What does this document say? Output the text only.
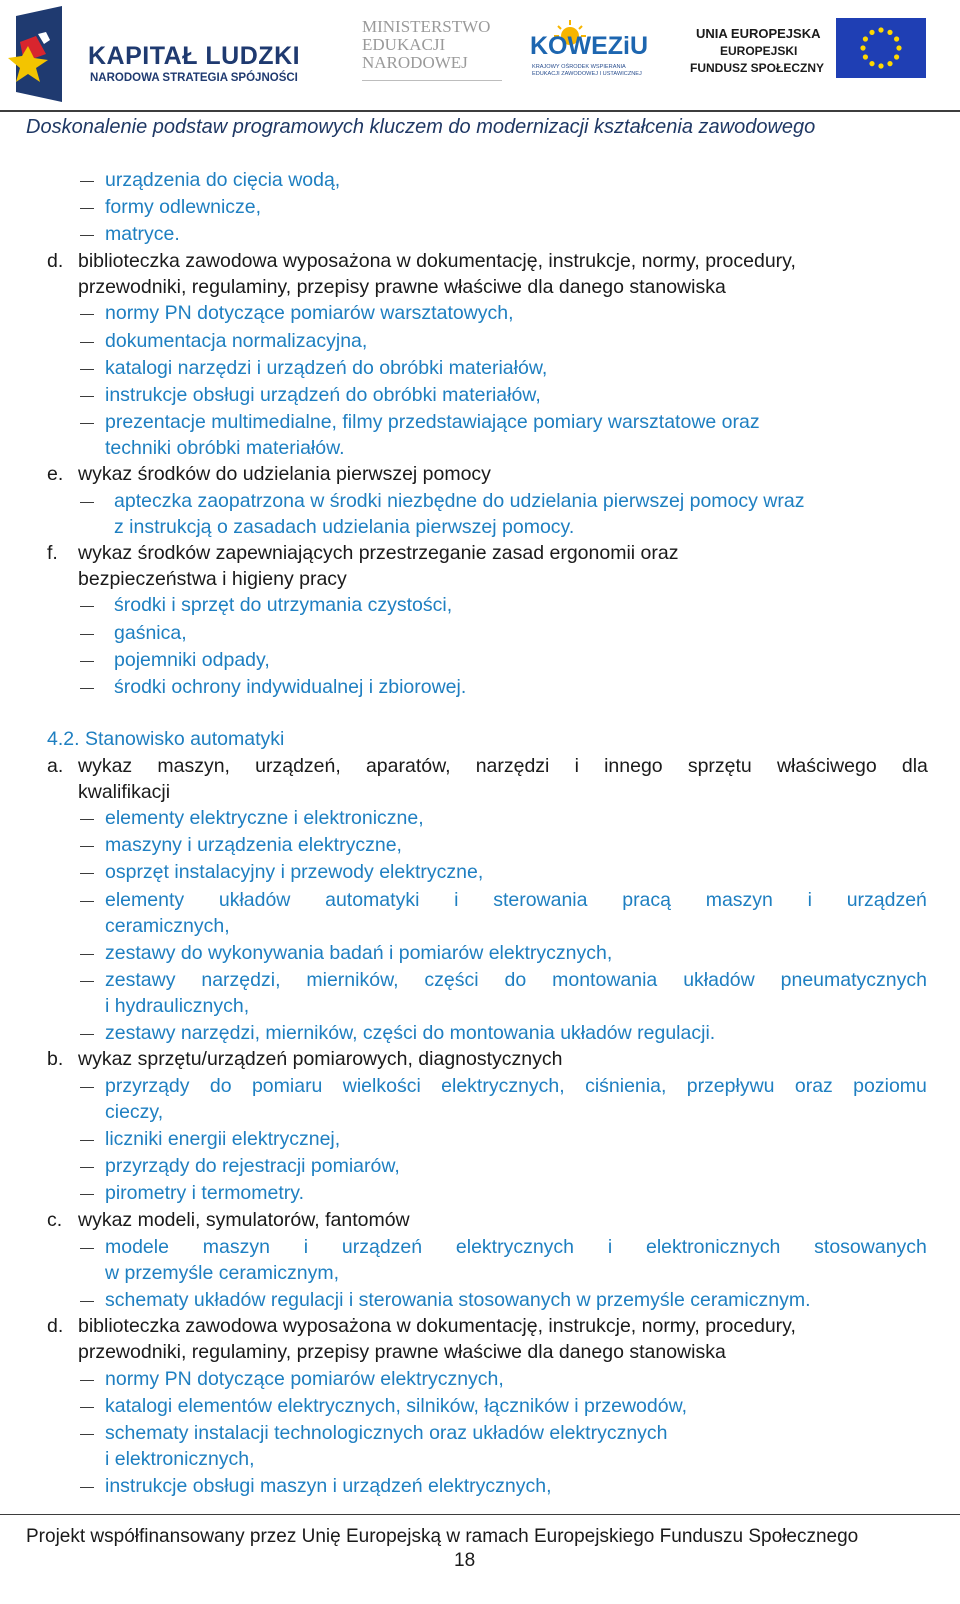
KAPITAŁ LUDZKI
NARODOWA STRATEGIA SPÓJNOŚCI
MINISTERSTWO
EDUKACJI
NARODOWEJ
KOWEZiU
KRAJOWY OŚRODEK WSPIERANIA
EDUKACJI ZAWODOWEJ I USTAWICZNEJ
UNIA EUROPEJSKA
EUROPEJSKI
FUNDUSZ SPOŁECZNY
Doskonalenie podstaw programowych kluczem do modernizacji kształcenia zawodowego
urządzenia do cięcia wodą,
formy odlewnicze,
matryce.
d. biblioteczka zawodowa wyposażona w dokumentację, instrukcje, normy, procedury,
przewodniki, regulaminy, przepisy prawne właściwe dla danego stanowiska
normy PN dotyczące pomiarów warsztatowych,
dokumentacja normalizacyjna,
katalogi narzędzi i urządzeń do obróbki materiałów,
instrukcje obsługi urządzeń do obróbki materiałów,
prezentacje multimedialne, filmy przedstawiające pomiary warsztatowe oraz
techniki obróbki materiałów.
e. wykaz środków do udzielania pierwszej pomocy
apteczka zaopatrzona w środki niezbędne do udzielania pierwszej pomocy wraz
z instrukcją o zasadach udzielania pierwszej pomocy.
f. wykaz środków zapewniających przestrzeganie zasad ergonomii oraz
bezpieczeństwa i higieny pracy
środki i sprzęt do utrzymania czystości,
gaśnica,
pojemniki odpady,
środki ochrony indywidualnej i zbiorowej.
4.2. Stanowisko automatyki
a. wykaz maszyn, urządzeń, aparatów, narzędzi i innego sprzętu właściwego dla
kwalifikacji
elementy elektryczne i elektroniczne,
maszyny i urządzenia elektryczne,
osprzęt instalacyjny i przewody elektryczne,
elementy układów automatyki i sterowania pracą maszyn i urządzeń
ceramicznych,
zestawy do wykonywania badań i pomiarów elektrycznych,
zestawy narzędzi, mierników, części do montowania układów pneumatycznych
i hydraulicznych,
zestawy narzędzi, mierników, części do montowania układów regulacji.
b. wykaz sprzętu/urządzeń pomiarowych, diagnostycznych
przyrządy do pomiaru wielkości elektrycznych, ciśnienia, przepływu oraz poziomu
cieczy,
liczniki energii elektrycznej,
przyrządy do rejestracji pomiarów,
pirometry i termometry.
c. wykaz modeli, symulatorów, fantomów
modele maszyn i urządzeń elektrycznych i elektronicznych stosowanych
w przemyśle ceramicznym,
schematy układów regulacji i sterowania stosowanych w przemyśle ceramicznym.
d. biblioteczka zawodowa wyposażona w dokumentację, instrukcje, normy, procedury,
przewodniki, regulaminy, przepisy prawne właściwe dla danego stanowiska
normy PN dotyczące pomiarów elektrycznych,
katalogi elementów elektrycznych, silników, łączników i przewodów,
schematy instalacji technologicznych oraz układów elektrycznych
i elektronicznych,
instrukcje obsługi maszyn i urządzeń elektrycznych,
Projekt współfinansowany przez Unię Europejską w ramach Europejskiego Funduszu Społecznego
18
